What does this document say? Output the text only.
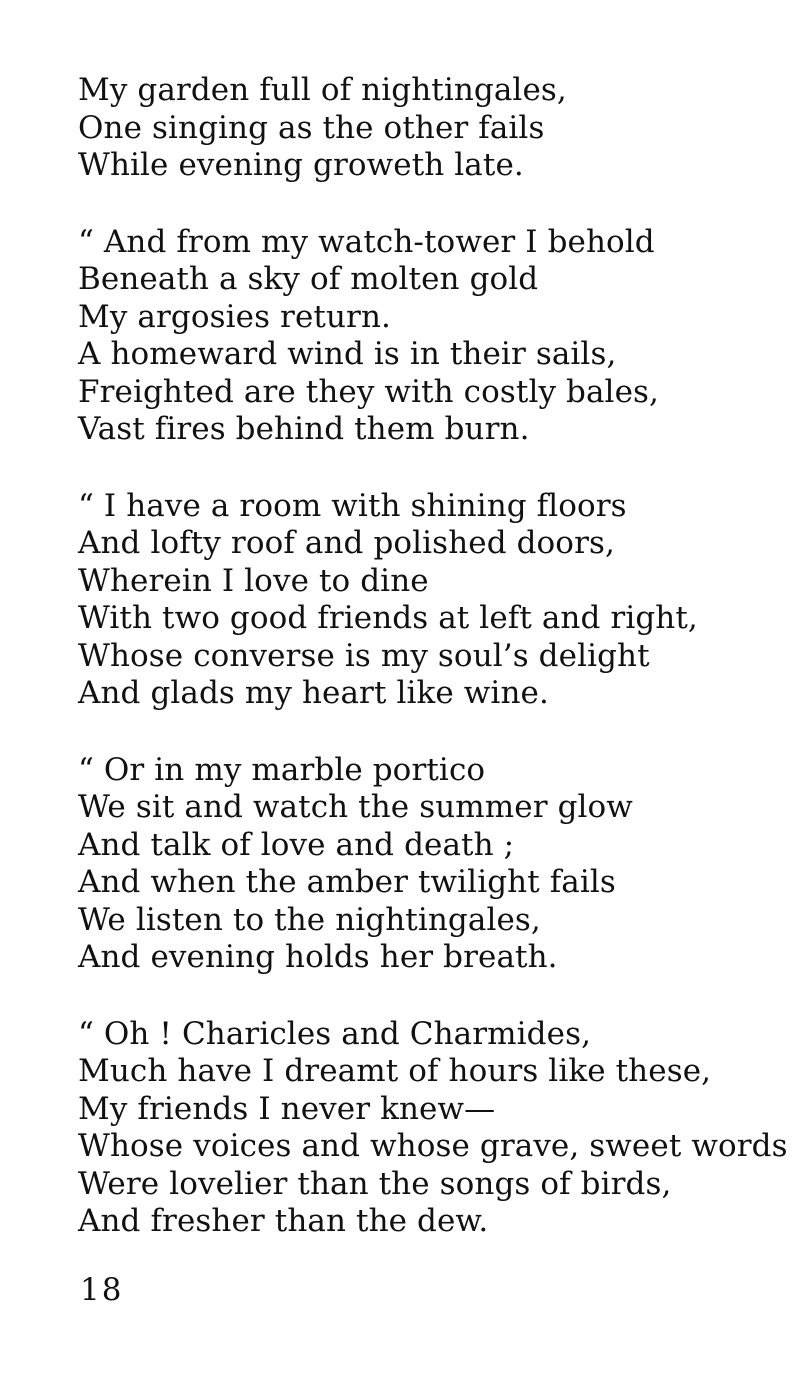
My garden full of nightingales,
One singing as the other fails
While evening groweth late.
“ And from my watch-tower I behold
Beneath a sky of molten gold
My argosies return.
A homeward wind is in their sails,
Freighted are they with costly bales,
Vast fires behind them burn.
“ I have a room with shining floors
And lofty roof and polished doors,
Wherein I love to dine
With two good friends at left and right,
Whose converse is my soul’s delight
And glads my heart like wine.
“ Or in my marble portico
We sit and watch the summer glow
And talk of love and death ;
And when the amber twilight fails
We listen to the nightingales,
And evening holds her breath.
“ Oh ! Charicles and Charmides,
Much have I dreamt of hours like these,
My friends I never knew—
Whose voices and whose grave, sweet words
Were lovelier than the songs of birds,
And fresher than the dew.
18
